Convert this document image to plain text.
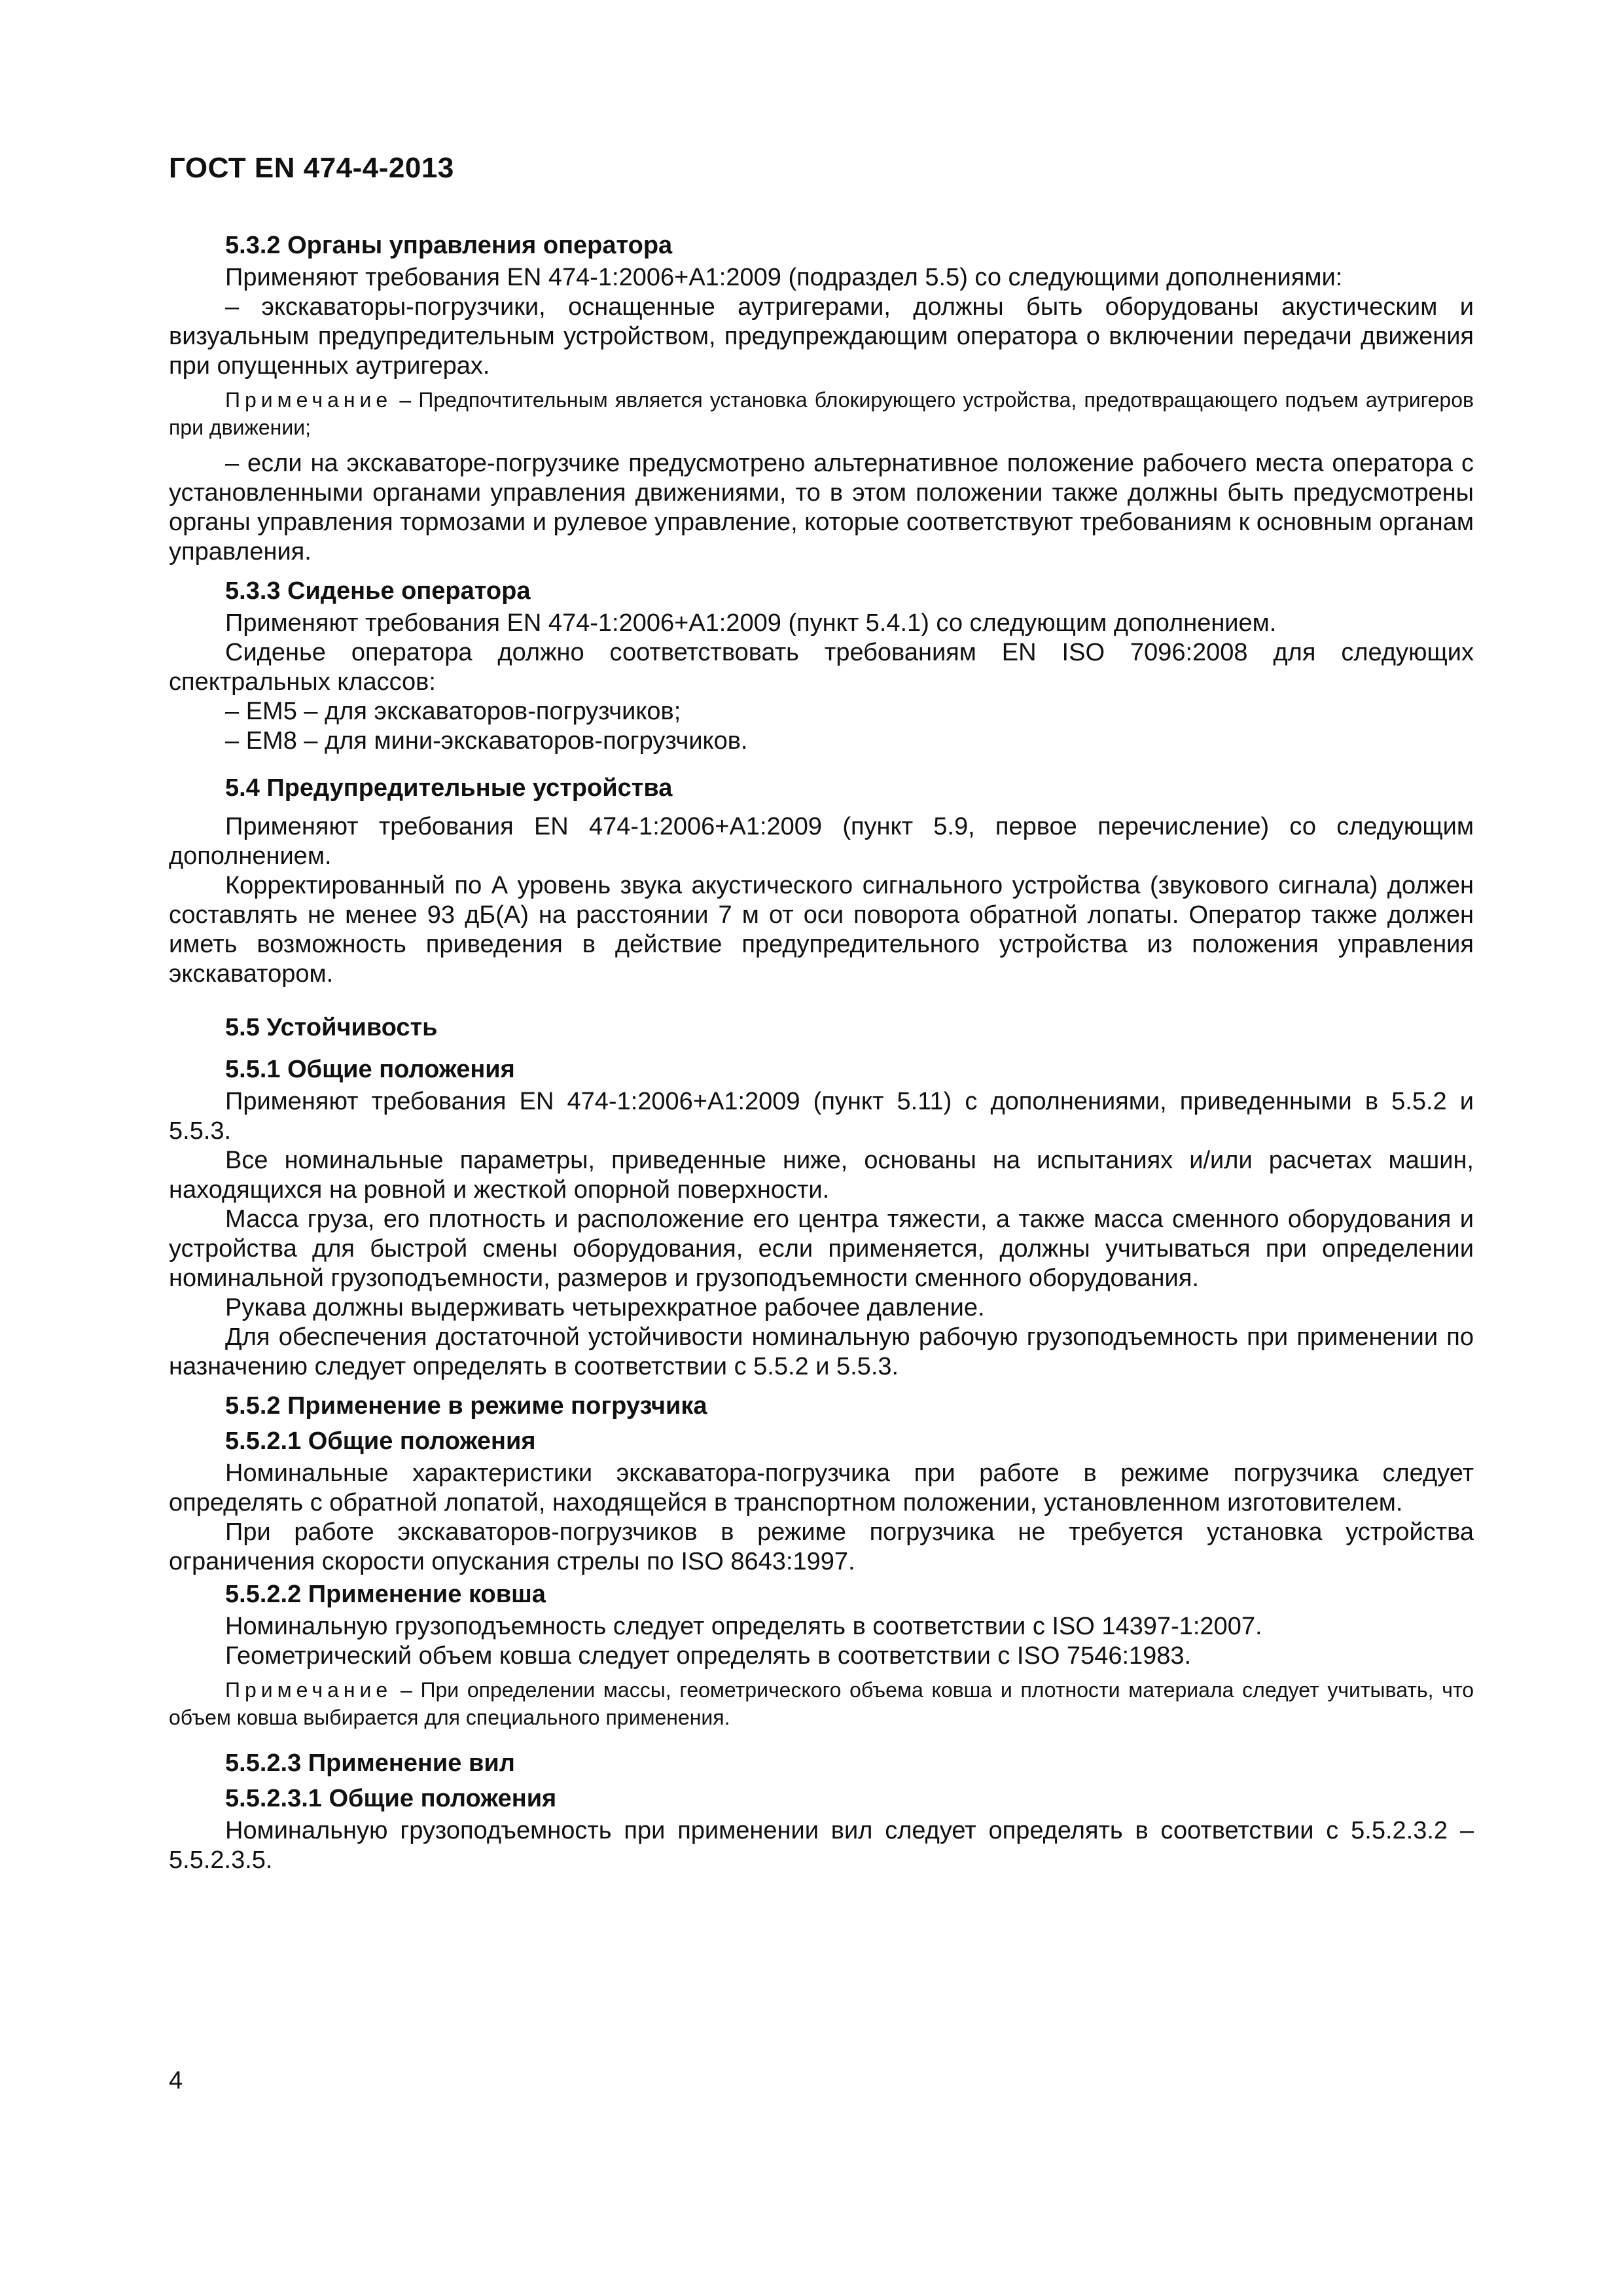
ГОСТ EN 474-4-2013

5.3.2 Органы управления оператора

Применяют требования EN 474-1:2006+A1:2009 (подраздел 5.5) со следующими дополнениями:

– экскаваторы-погрузчики, оснащенные аутригерами, должны быть оборудованы акустическим и визуальным предупредительным устройством, предупреждающим оператора о включении передачи движения при опущенных аутригерах.

Примечание – Предпочтительным является установка блокирующего устройства, предотвращающего подъем аутригеров при движении;

– если на экскаваторе-погрузчике предусмотрено альтернативное положение рабочего места оператора с установленными органами управления движениями, то в этом положении также должны быть предусмотрены органы управления тормозами и рулевое управление, которые соответствуют требованиям к основным органам управления.

5.3.3 Сиденье оператора

Применяют требования EN 474-1:2006+A1:2009 (пункт 5.4.1) со следующим дополнением.

Сиденье оператора должно соответствовать требованиям EN ISO 7096:2008 для следующих спектральных классов:

– EM5 – для экскаваторов-погрузчиков;

– EM8 – для мини-экскаваторов-погрузчиков.

5.4 Предупредительные устройства

Применяют требования EN 474-1:2006+A1:2009 (пункт 5.9, первое перечисление) со следующим дополнением.

Корректированный по А уровень звука акустического сигнального устройства (звукового сигнала) должен составлять не менее 93 дБ(А) на расстоянии 7 м от оси поворота обратной лопаты. Оператор также должен иметь возможность приведения в действие предупредительного устройства из положения управления экскаватором.

5.5 Устойчивость

5.5.1 Общие положения

Применяют требования EN 474-1:2006+A1:2009 (пункт 5.11) с дополнениями, приведенными в 5.5.2 и 5.5.3.

Все номинальные параметры, приведенные ниже, основаны на испытаниях и/или расчетах машин, находящихся на ровной и жесткой опорной поверхности.

Масса груза, его плотность и расположение его центра тяжести, а также масса сменного оборудования и устройства для быстрой смены оборудования, если применяется, должны учитываться при определении номинальной грузоподъемности, размеров и грузоподъемности сменного оборудования.

Рукава должны выдерживать четырехкратное рабочее давление.

Для обеспечения достаточной устойчивости номинальную рабочую грузоподъемность при применении по назначению следует определять в соответствии с 5.5.2 и 5.5.3.

5.5.2 Применение в режиме погрузчика

5.5.2.1 Общие положения

Номинальные характеристики экскаватора-погрузчика при работе в режиме погрузчика следует определять с обратной лопатой, находящейся в транспортном положении, установленном изготовителем.

При работе экскаваторов-погрузчиков в режиме погрузчика не требуется установка устройства ограничения скорости опускания стрелы по ISO 8643:1997.

5.5.2.2 Применение ковша

Номинальную грузоподъемность следует определять в соответствии с ISO 14397-1:2007.

Геометрический объем ковша следует определять в соответствии с ISO 7546:1983.

Примечание – При определении массы, геометрического объема ковша и плотности материала следует учитывать, что объем ковша выбирается для специального применения.

5.5.2.3 Применение вил

5.5.2.3.1 Общие положения

Номинальную грузоподъемность при применении вил следует определять в соответствии с 5.5.2.3.2 – 5.5.2.3.5.

4
